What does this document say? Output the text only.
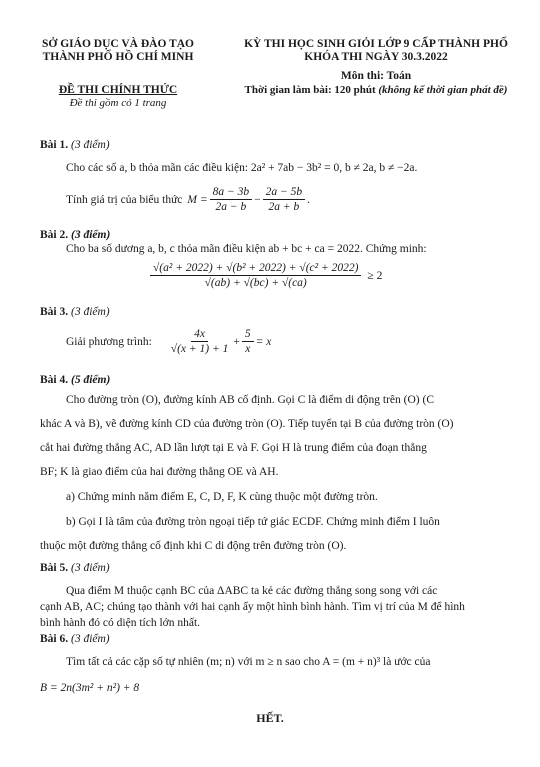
SỞ GIÁO DỤC VÀ ĐÀO TẠO
THÀNH PHỐ HỒ CHÍ MINH
ĐỀ THI CHÍNH THỨC
Đề thi gồm có 1 trang
KỲ THI HỌC SINH GIỎI LỚP 9 CẤP THÀNH PHỐ
KHÓA THI NGÀY 30.3.2022
Môn thi: Toán
Thời gian làm bài: 120 phút (không kể thời gian phát đề)
Bài 1. (3 điểm)
Cho các số a, b thỏa mãn các điều kiện: 2a² + 7ab − 3b² = 0, b ≠ 2a, b ≠ −2a.
Tính giá trị của biểu thức $M = \frac{8a - 3b}{2a - b} - \frac{2a - 5b}{2a + b}$ .
Bài 2. (3 điểm)
Cho ba số dương a, b, c thỏa mãn điều kiện ab + bc + ca = 2022. Chứng minh:
$\frac{\text{√(a² + 2022) + √(b² + 2022) + √(c² + 2022)}}{√(ab) + √(bc) + √(ca)} \ge 2$
Bài 3. (3 điểm)
Giải phương trình: $\frac{4x}{√(x + 1) + 1} + \frac{5}{x} = x$
Bài 4. (5 điểm)
Cho đường tròn (O), đường kính AB cố định. Gọi C là điểm di động trên (O) (C
khác A và B), vẽ đường kính CD của đường tròn (O). Tiếp tuyến tại B của đường tròn (O)
cắt hai đường thẳng AC, AD lần lượt tại E và F. Gọi H là trung điểm của đoạn thẳng
BF; K là giao điểm của hai đường thẳng OE và AH.
a) Chứng minh năm điểm E, C, D, F, K cùng thuộc một đường tròn.
b) Gọi I là tâm của đường tròn ngoại tiếp tứ giác ECDF. Chứng minh điểm I luôn
thuộc một đường thẳng cố định khi C di động trên đường tròn (O).
Bài 5. (3 điểm)
Qua điểm M thuộc cạnh BC của ΔABC ta kẻ các đường thẳng song song với các
cạnh AB, AC; chúng tạo thành với hai cạnh ấy một hình bình hành. Tìm vị trí của M để hình
bình hành đó có diện tích lớn nhất.
Bài 6. (3 điểm)
Tìm tất cả các cặp số tự nhiên (m; n) với m ≥ n sao cho A = (m + n)³ là ước của
B = 2n(3m² + n²) + 8
HẾT.
